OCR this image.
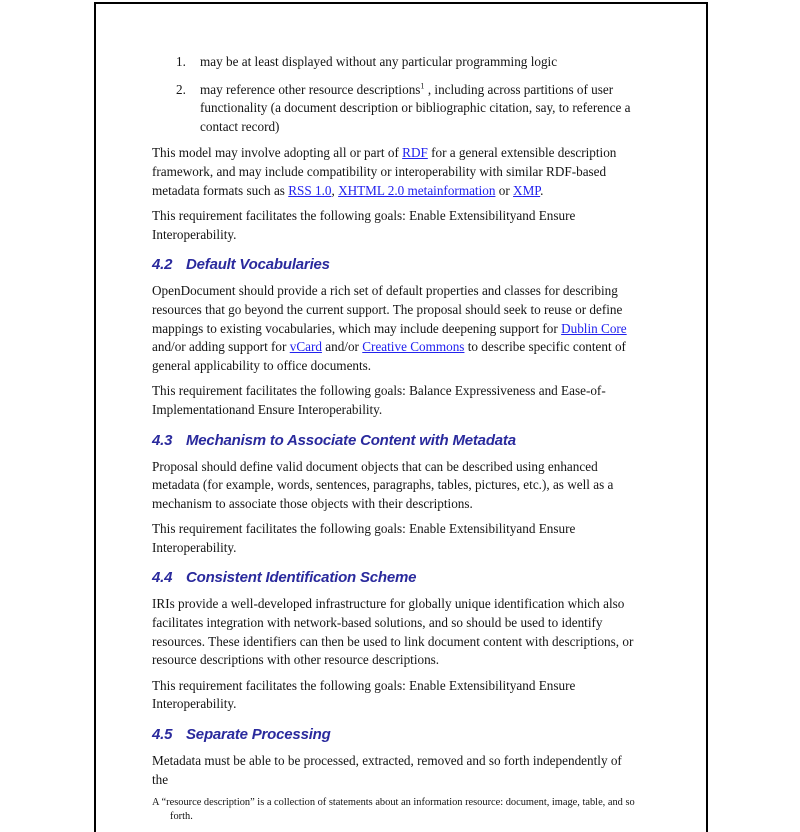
1. may be at least displayed without any particular programming logic
2. may reference other resource descriptions$^1$ , including across partitions of user functionality (a document description or bibliographic citation, say, to reference a contact record)

This model may involve adopting all or part of RDF for a general extensible description framework, and may include compatibility or interoperability with similar RDF-based metadata formats such as RSS 1.0, XHTML 2.0 metainformation or XMP.

This requirement facilitates the following goals: Enable Extensibilityand Ensure Interoperability.

4.2 Default Vocabularies

OpenDocument should provide a rich set of default properties and classes for describing resources that go beyond the current support. The proposal should seek to reuse or define mappings to existing vocabularies, which may include deepening support for Dublin Core and/or adding support for vCard and/or Creative Commons to describe specific content of general applicability to office documents.

This requirement facilitates the following goals: Balance Expressiveness and Ease-of-Implementationand Ensure Interoperability.

4.3 Mechanism to Associate Content with Metadata

Proposal should define valid document objects that can be described using enhanced metadata (for example, words, sentences, paragraphs, tables, pictures, etc.), as well as a mechanism to associate those objects with their descriptions.

This requirement facilitates the following goals: Enable Extensibilityand Ensure Interoperability.

4.4 Consistent Identification Scheme

IRIs provide a well-developed infrastructure for globally unique identification which also facilitates integration with network-based solutions, and so should be used to identify resources. These identifiers can then be used to link document content with descriptions, or resource descriptions with other resource descriptions.

This requirement facilitates the following goals: Enable Extensibilityand Ensure Interoperability.

4.5 Separate Processing

Metadata must be able to be processed, extracted, removed and so forth independently of the

A “resource description” is a collection of statements about an information resource: document, image, table, and so forth.
